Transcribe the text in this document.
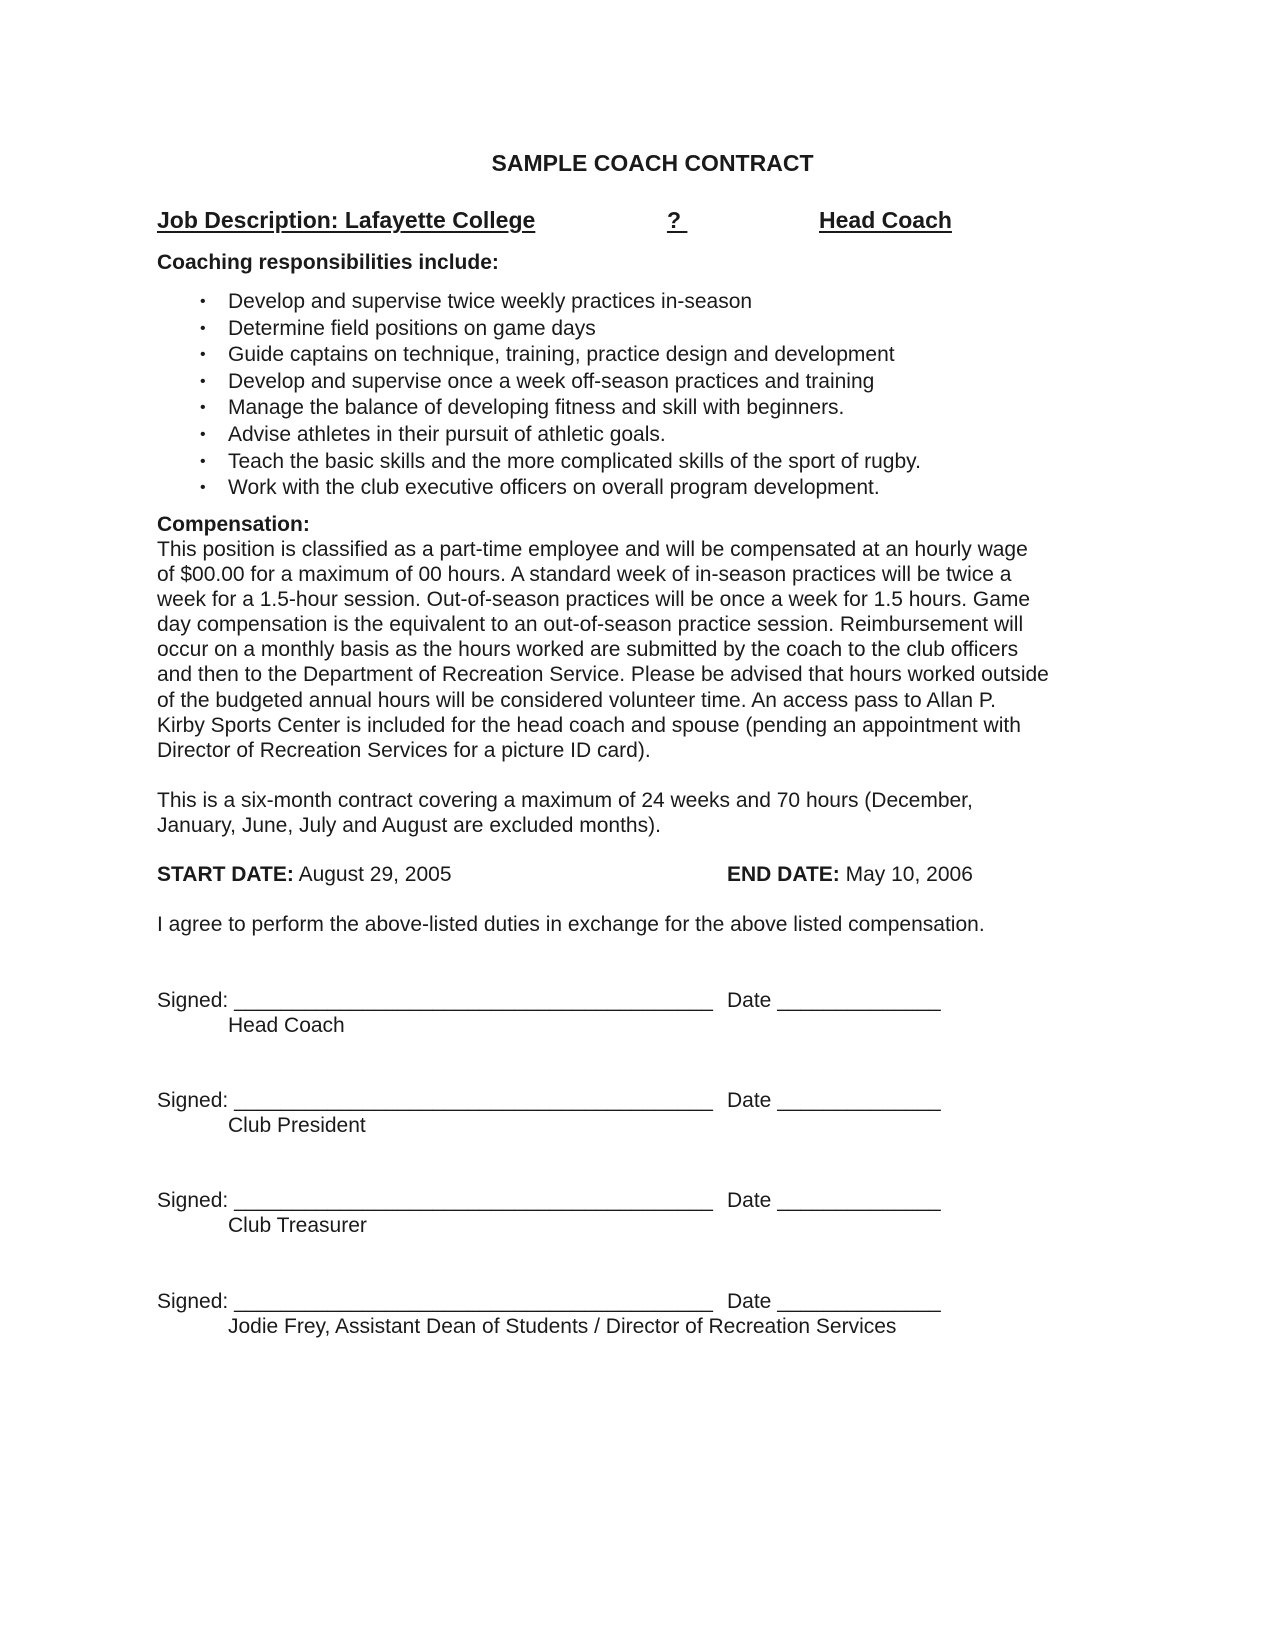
SAMPLE COACH CONTRACT
Job Description: Lafayette College	?

	Head Coach
Coaching responsibilities include:
• Develop and supervise twice weekly practices in-season
• Determine field positions on game days
• Guide captains on technique, training, practice design and development
• Develop and supervise once a week off-season practices and training
• Manage the balance of developing fitness and skill with beginners.
• Advise athletes in their pursuit of athletic goals.
• Teach the basic skills and the more complicated skills of the sport of rugby.
• Work with the club executive officers on overall program development.
Compensation:
This position is classified as a part-time employee and will be compensated at an hourly wage
of $00.00 for a maximum of 00 hours. A standard week of in-season practices will be twice a
week for a 1.5-hour session. Out-of-season practices will be once a week for 1.5 hours. Game
day compensation is the equivalent to an out-of-season practice session. Reimbursement will
occur on a monthly basis as the hours worked are submitted by the coach to the club officers
and then to the Department of Recreation Service. Please be advised that hours worked outside
of the budgeted annual hours will be considered volunteer time. An access pass to Allan P.
Kirby Sports Center is included for the head coach and spouse (pending an appointment with
Director of Recreation Services for a picture ID card).
This is a six-month contract covering a maximum of 24 weeks and 70 hours (December,
January, June, July and August are excluded months).
START DATE: August 29, 2005	END DATE: May 10, 2006
I agree to perform the above-listed duties in exchange for the above listed compensation.
Signed: _________________________________________ Date ______________
Head Coach
Signed: _________________________________________ Date ______________
Club President
Signed: _________________________________________ Date ______________
Club Treasurer
Signed: _________________________________________ Date ______________
Jodie Frey, Assistant Dean of Students / Director of Recreation Services
